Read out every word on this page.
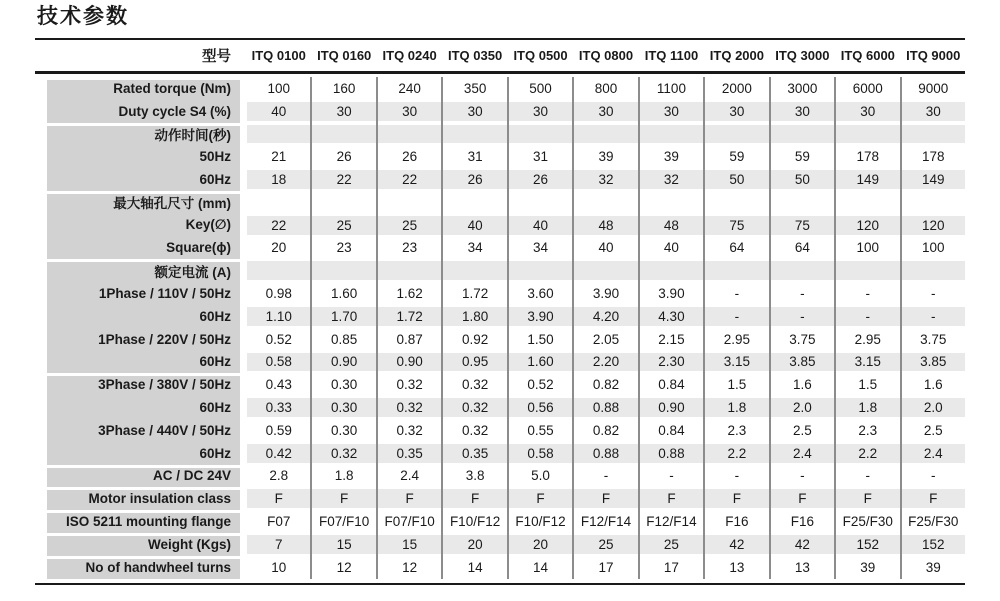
技术参数
型号	ITQ 0100 ITQ 0160 ITQ 0240 ITQ 0350 ITQ 0500 ITQ 0800 ITQ 1100 ITQ 2000 ITQ 3000 ITQ 6000 ITQ 9000
Rated torque (Nm)	100	160	240	350	500	800	1100	2000	3000	6000	9000
Duty cycle S4 (%)	40	30	30	30	30	30	30	30	30	30	30
动作时间(秒)
50Hz	21	26	26	31	31	39	39	59	59	178	178
60Hz	18	22	22	26	26	32	32	50	50	149	149
最大轴孔尺寸 (mm)
Key(∅)	22	25	25	40	40	48	48	75	75	120	120
Square(ϕ)	20	23	23	34	34	40	40	64	64	100	100
额定电流 (A)
1Phase / 110V / 50Hz	0.98	1.60	1.62	1.72	3.60	3.90	3.90	-	-	-	-
60Hz	1.10	1.70	1.72	1.80	3.90	4.20	4.30	-	-	-	-
1Phase / 220V / 50Hz	0.52	0.85	0.87	0.92	1.50	2.05	2.15	2.95	3.75	2.95	3.75
60Hz	0.58	0.90	0.90	0.95	1.60	2.20	2.30	3.15	3.85	3.15	3.85
3Phase / 380V / 50Hz	0.43	0.30	0.32	0.32	0.52	0.82	0.84	1.5	1.6	1.5	1.6
60Hz	0.33	0.30	0.32	0.32	0.56	0.88	0.90	1.8	2.0	1.8	2.0
3Phase / 440V / 50Hz	0.59	0.30	0.32	0.32	0.55	0.82	0.84	2.3	2.5	2.3	2.5
60Hz	0.42	0.32	0.35	0.35	0.58	0.88	0.88	2.2	2.4	2.2	2.4
AC / DC 24V	2.8	1.8	2.4	3.8	5.0	-	-	-	-	-	-
Motor insulation class	F	F	F	F	F	F	F	F	F	F	F
ISO 5211 mounting flange	F07	F07/F10	F07/F10	F10/F12	F10/F12	F12/F14	F12/F14	F16	F16	F25/F30	F25/F30
Weight (Kgs)	7	15	15	20	20	25	25	42	42	152	152
No of handwheel turns	10	12	12	14	14	17	17	13	13	39	39
